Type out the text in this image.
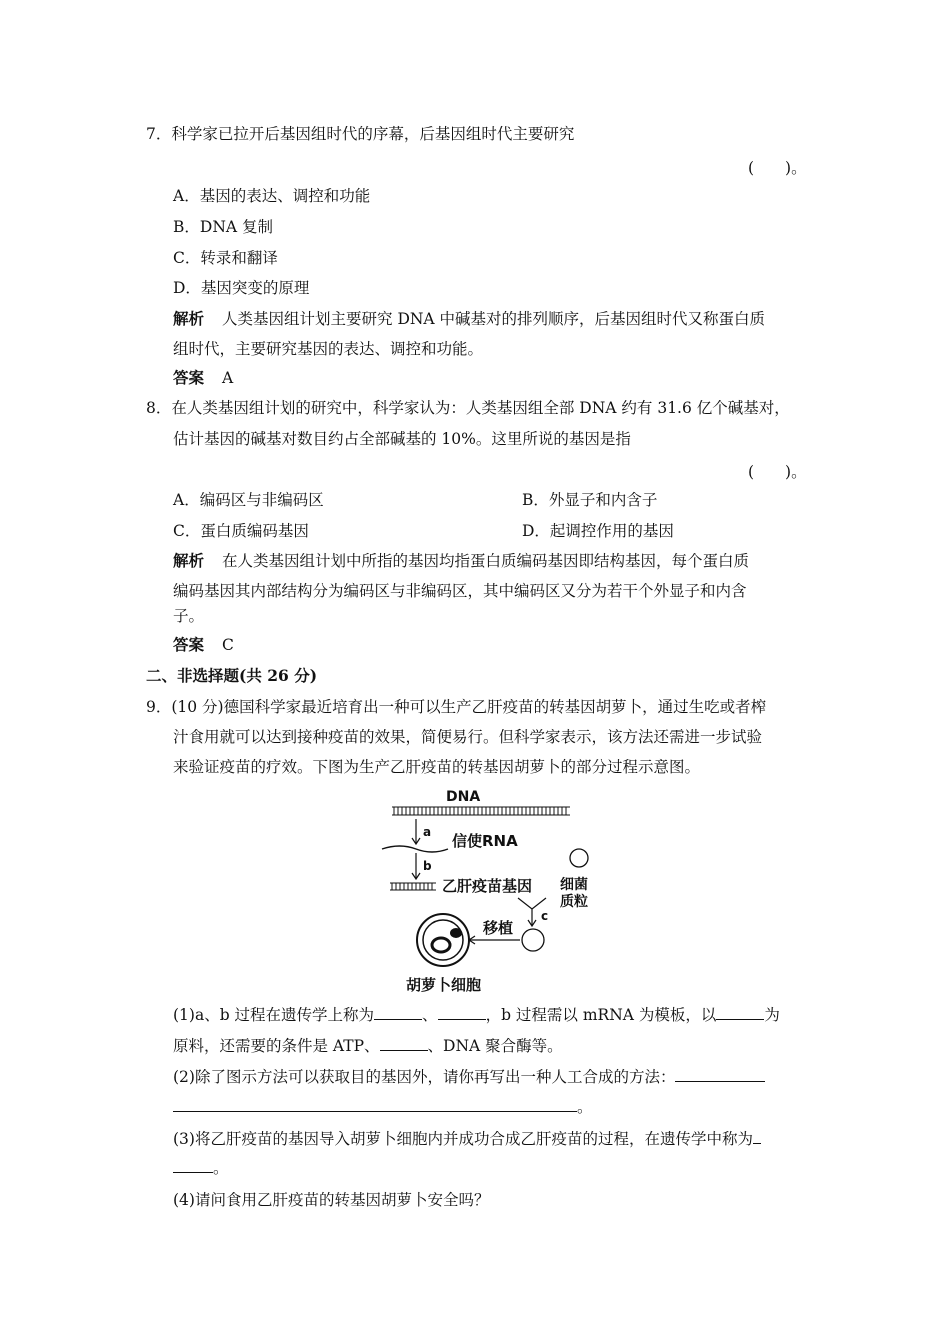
7．科学家已拉开后基因组时代的序幕，后基因组时代主要研究
(　　)。
A．基因的表达、调控和功能
B．DNA 复制
C．转录和翻译
D．基因突变的原理
解析 人类基因组计划主要研究 DNA 中碱基对的排列顺序，后基因组时代又称蛋白质
组时代，主要研究基因的表达、调控和功能。
答案 A
8．在人类基因组计划的研究中，科学家认为：人类基因组全部 DNA 约有 31.6 亿个碱基对，
估计基因的碱基对数目约占全部碱基的 10%。这里所说的基因是指
(　　)。
A．编码区与非编码区	B．外显子和内含子
C．蛋白质编码基因	D．起调控作用的基因
解析 在人类基因组计划中所指的基因均指蛋白质编码基因即结构基因，每个蛋白质
编码基因其内部结构分为编码区与非编码区，其中编码区又分为若干个外显子和内含
子。
答案 C
二、非选择题(共 26 分)
9．(10 分)德国科学家最近培育出一种可以生产乙肝疫苗的转基因胡萝卜，通过生吃或者榨
汁食用就可以达到接种疫苗的效果，简便易行。但科学家表示，该方法还需进一步试验
来验证疫苗的疗效。下图为生产乙肝疫苗的转基因胡萝卜的部分过程示意图。
DNA
a 信使RNA
b
乙肝疫苗基因 细菌
质粒
c
移植
胡萝卜细胞
(1)a、b 过程在遗传学上称为	、	，b 过程需以 mRNA 为模板，以	为
原料，还需要的条件是 ATP、	、DNA 聚合酶等。
(2)除了图示方法可以获取目的基因外，请你再写出一种人工合成的方法：
。
(3)将乙肝疫苗的基因导入胡萝卜细胞内并成功合成乙肝疫苗的过程，在遗传学中称为
。
(4)请问食用乙肝疫苗的转基因胡萝卜安全吗？
